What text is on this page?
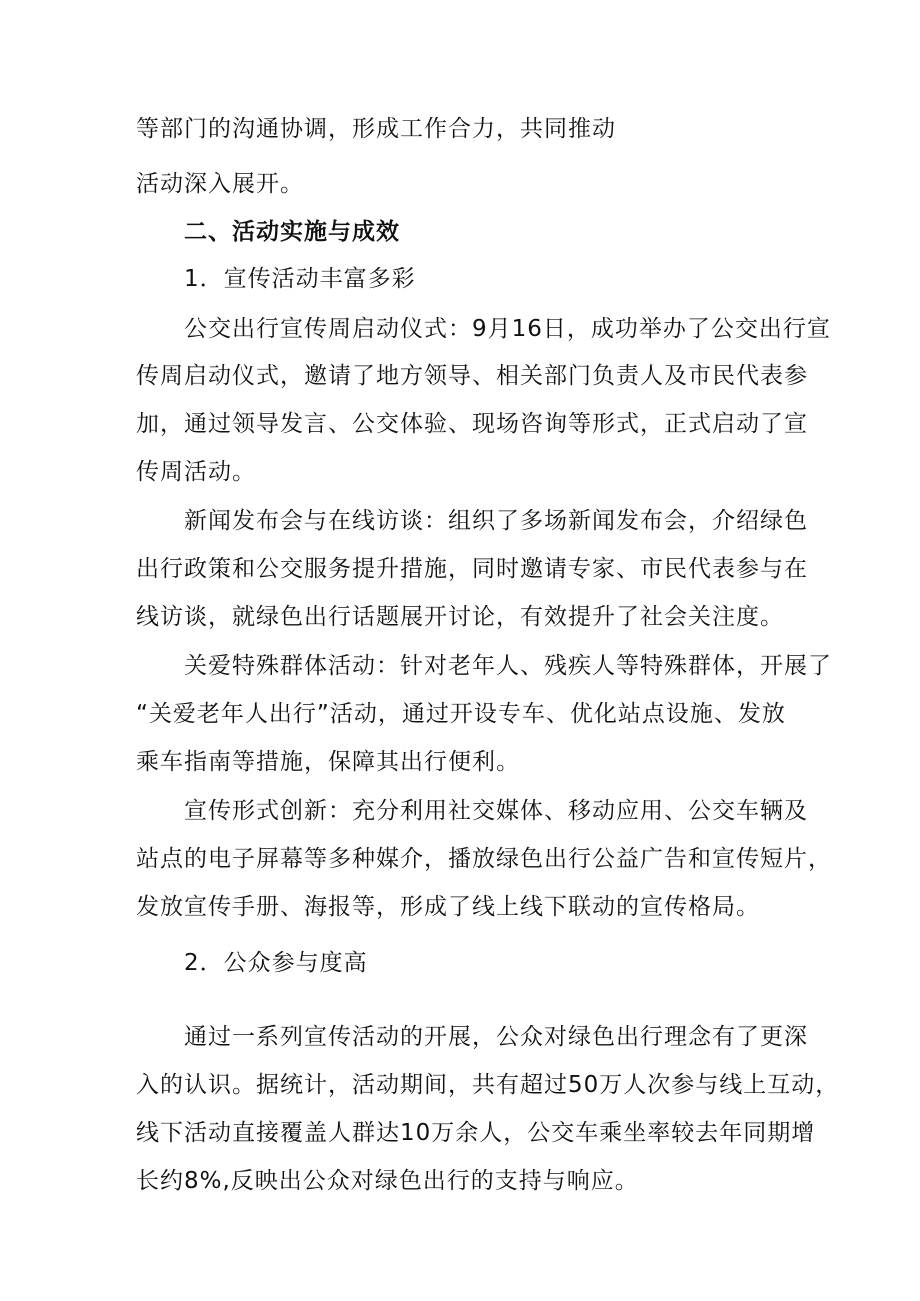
等部门的沟通协调，形成工作合力，共同推动
活动深入展开。
二、活动实施与成效
1．宣传活动丰富多彩
公交出行宣传周启动仪式：9月16日，成功举办了公交出行宣
传周启动仪式，邀请了地方领导、相关部门负责人及市民代表参
加，通过领导发言、公交体验、现场咨询等形式，正式启动了宣
传周活动。
新闻发布会与在线访谈：组织了多场新闻发布会，介绍绿色
出行政策和公交服务提升措施，同时邀请专家、市民代表参与在
线访谈，就绿色出行话题展开讨论，有效提升了社会关注度。
关爱特殊群体活动：针对老年人、残疾人等特殊群体，开展了
“关爱老年人出行”活动，通过开设专车、优化站点设施、发放
乘车指南等措施，保障其出行便利。
宣传形式创新：充分利用社交媒体、移动应用、公交车辆及
站点的电子屏幕等多种媒介，播放绿色出行公益广告和宣传短片，
发放宣传手册、海报等，形成了线上线下联动的宣传格局。
2．公众参与度高
通过一系列宣传活动的开展，公众对绿色出行理念有了更深
入的认识。据统计，活动期间，共有超过50万人次参与线上互动，
线下活动直接覆盖人群达10万余人，公交车乘坐率较去年同期增
长约8%,反映出公众对绿色出行的支持与响应。
